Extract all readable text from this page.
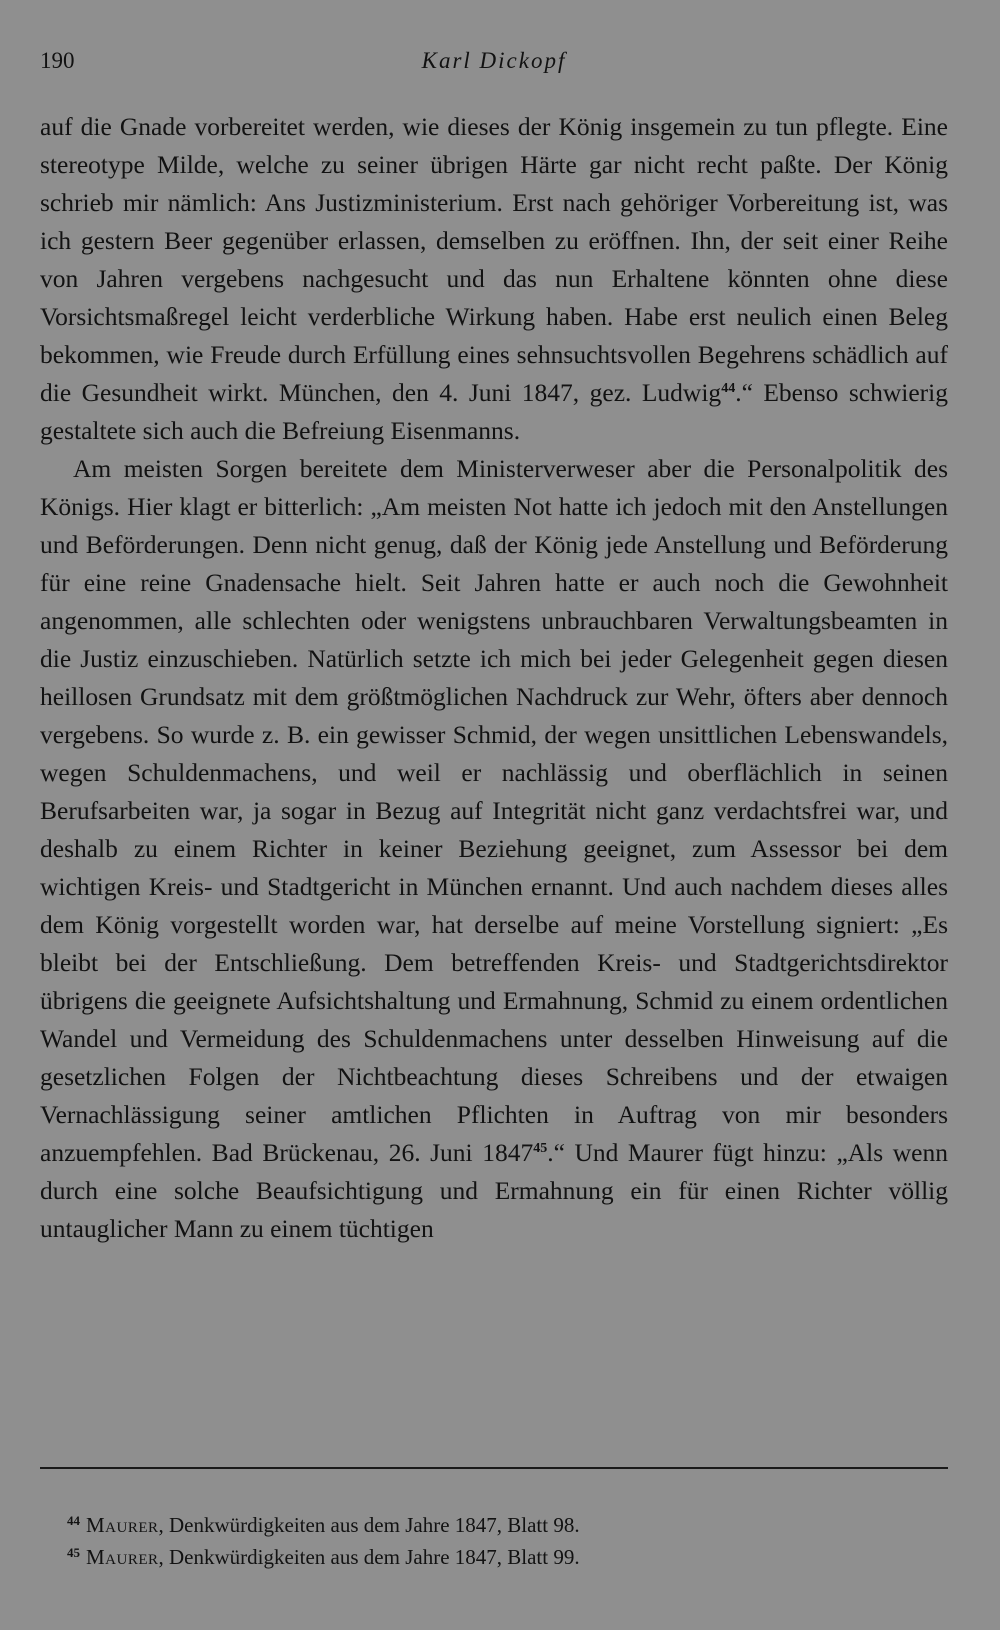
190	Karl Dickopf

auf die Gnade vorbereitet werden, wie dieses der König insgemein zu tun pflegte. Eine stereotype Milde, welche zu seiner übrigen Härte gar nicht recht paßte. Der König schrieb mir nämlich: Ans Justizministerium. Erst nach gehöriger Vorbereitung ist, was ich gestern Beer gegenüber erlassen, demselben zu eröffnen. Ihn, der seit einer Reihe von Jahren vergebens nachgesucht und das nun Erhaltene könnten ohne diese Vorsichtsmaßregel leicht verderbliche Wirkung haben. Habe erst neulich einen Beleg bekommen, wie Freude durch Erfüllung eines sehnsuchtsvollen Begehrens schädlich auf die Gesundheit wirkt. München, den 4. Juni 1847, gez. Ludwig$^{44}$.“ Ebenso schwierig gestaltete sich auch die Befreiung Eisenmanns.

Am meisten Sorgen bereitete dem Ministerverweser aber die Personalpolitik des Königs. Hier klagt er bitterlich: „Am meisten Not hatte ich jedoch mit den Anstellungen und Beförderungen. Denn nicht genug, daß der König jede Anstellung und Beförderung für eine reine Gnadensache hielt. Seit Jahren hatte er auch noch die Gewohnheit angenommen, alle schlechten oder wenigstens unbrauchbaren Verwaltungsbeamten in die Justiz einzuschieben. Natürlich setzte ich mich bei jeder Gelegenheit gegen diesen heillosen Grundsatz mit dem größtmöglichen Nachdruck zur Wehr, öfters aber dennoch vergebens. So wurde z. B. ein gewisser Schmid, der wegen unsittlichen Lebenswandels, wegen Schuldenmachens, und weil er nachlässig und oberflächlich in seinen Berufsarbeiten war, ja sogar in Bezug auf Integrität nicht ganz verdachtsfrei war, und deshalb zu einem Richter in keiner Beziehung geeignet, zum Assessor bei dem wichtigen Kreis- und Stadtgericht in München ernannt. Und auch nachdem dieses alles dem König vorgestellt worden war, hat derselbe auf meine Vorstellung signiert: „Es bleibt bei der Entschließung. Dem betreffenden Kreis- und Stadtgerichtsdirektor übrigens die geeignete Aufsichtshaltung und Ermahnung, Schmid zu einem ordentlichen Wandel und Vermeidung des Schuldenmachens unter desselben Hinweisung auf die gesetzlichen Folgen der Nichtbeachtung dieses Schreibens und der etwaigen Vernachlässigung seiner amtlichen Pflichten in Auftrag von mir besonders anzuempfehlen. Bad Brückenau, 26. Juni 1847$^{45}$.“ Und Maurer fügt hinzu: „Als wenn durch eine solche Beaufsichtigung und Ermahnung ein für einen Richter völlig untauglicher Mann zu einem tüchtigen

$^{44}$ Maurer, Denkwürdigkeiten aus dem Jahre 1847, Blatt 98.
$^{45}$ Maurer, Denkwürdigkeiten aus dem Jahre 1847, Blatt 99.
